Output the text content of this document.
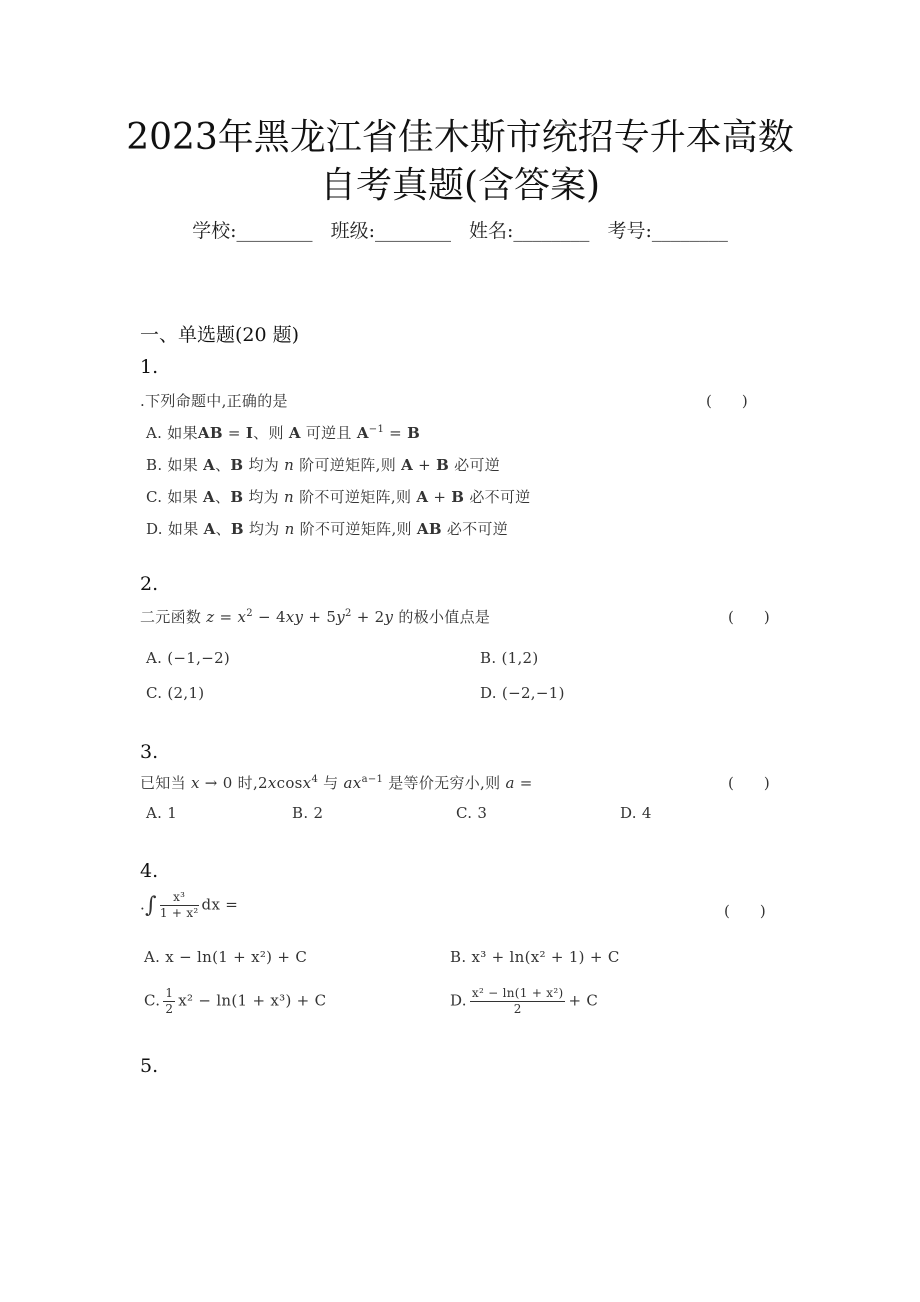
2023年黑龙江省佳木斯市统招专升本高数
自考真题(含答案)
学校:________ 班级:________ 姓名:________ 考号:________
一、单选题(20 题)
1.
.下列命题中,正确的是	(　　)
A. 如果AB = I、则 A 可逆且 $A^{-1} = B$
B. 如果 A、B 均为 n 阶可逆矩阵,则 A + B 必可逆
C. 如果 A、B 均为 n 阶不可逆矩阵,则 A + B 必不可逆
D. 如果 A、B 均为 n 阶不可逆矩阵,则 AB 必不可逆
2.
二元函数 $z = x^2 - 4xy + 5y^2 + 2y$ 的极小值点是	(　　)
A. (−1,−2)	B. (1,2)
C. (2,1)	D. (−2,−1)
3.
已知当 x → 0 时,2xcosx$^4$ 与 $ax^{a-1}$ 是等价无穷小,则 a =	(　　)
A. 1	B. 2	C. 3	D. 4
4.
.∫ $\frac{\text{x³}}{\text{1 + x²}}$ dx =	(　　)
A. x − ln(1 + x²) + C	B. x³ + ln(x² + 1) + C
C. $\frac{1}{2} x^2 - \ln(1 + x^3) + C$	D. $\frac{\text{x² − ln(1 + x²)}}{2} + C$
5.
